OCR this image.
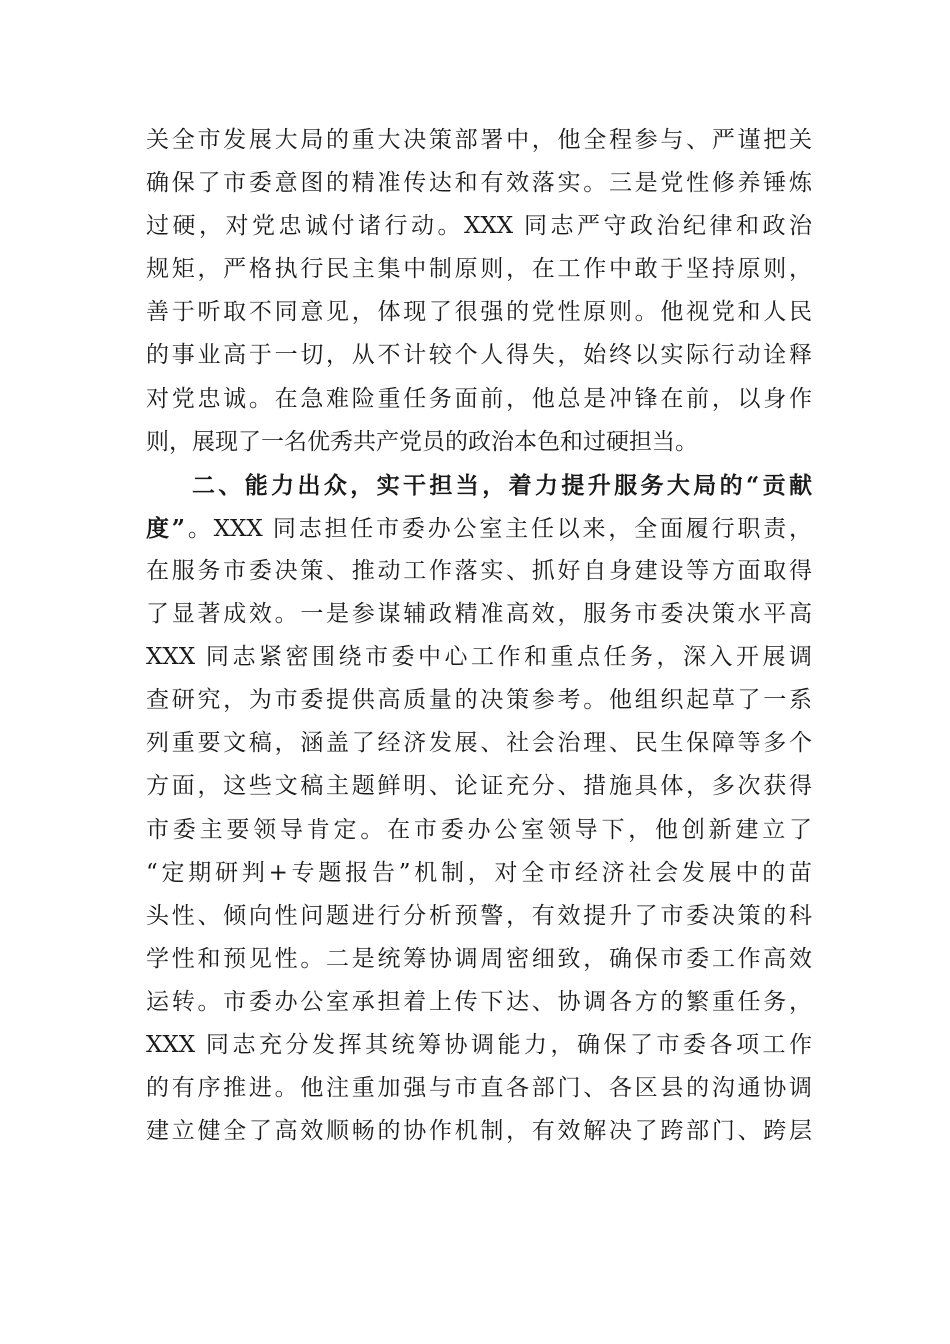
关全市发展大局的重大决策部署中，他全程参与、严谨把关
确保了市委意图的精准传达和有效落实。三是党性修养锤炼
过硬，对党忠诚付诸行动。XXX 同志严守政治纪律和政治
规矩，严格执行民主集中制原则，在工作中敢于坚持原则，
善于听取不同意见，体现了很强的党性原则。他视党和人民
的事业高于一切，从不计较个人得失，始终以实际行动诠释
对党忠诚。在急难险重任务面前，他总是冲锋在前，以身作
则，展现了一名优秀共产党员的政治本色和过硬担当。
二、能力出众，实干担当，着力提升服务大局的“贡献
度”。XXX 同志担任市委办公室主任以来，全面履行职责，
在服务市委决策、推动工作落实、抓好自身建设等方面取得
了显著成效。一是参谋辅政精准高效，服务市委决策水平高
XXX 同志紧密围绕市委中心工作和重点任务，深入开展调
查研究，为市委提供高质量的决策参考。他组织起草了一系
列重要文稿，涵盖了经济发展、社会治理、民生保障等多个
方面，这些文稿主题鲜明、论证充分、措施具体，多次获得
市委主要领导肯定。在市委办公室领导下，他创新建立了
“定期研判+专题报告”机制，对全市经济社会发展中的苗
头性、倾向性问题进行分析预警，有效提升了市委决策的科
学性和预见性。二是统筹协调周密细致，确保市委工作高效
运转。市委办公室承担着上传下达、协调各方的繁重任务，
XXX 同志充分发挥其统筹协调能力，确保了市委各项工作
的有序推进。他注重加强与市直各部门、各区县的沟通协调
建立健全了高效顺畅的协作机制，有效解决了跨部门、跨层
